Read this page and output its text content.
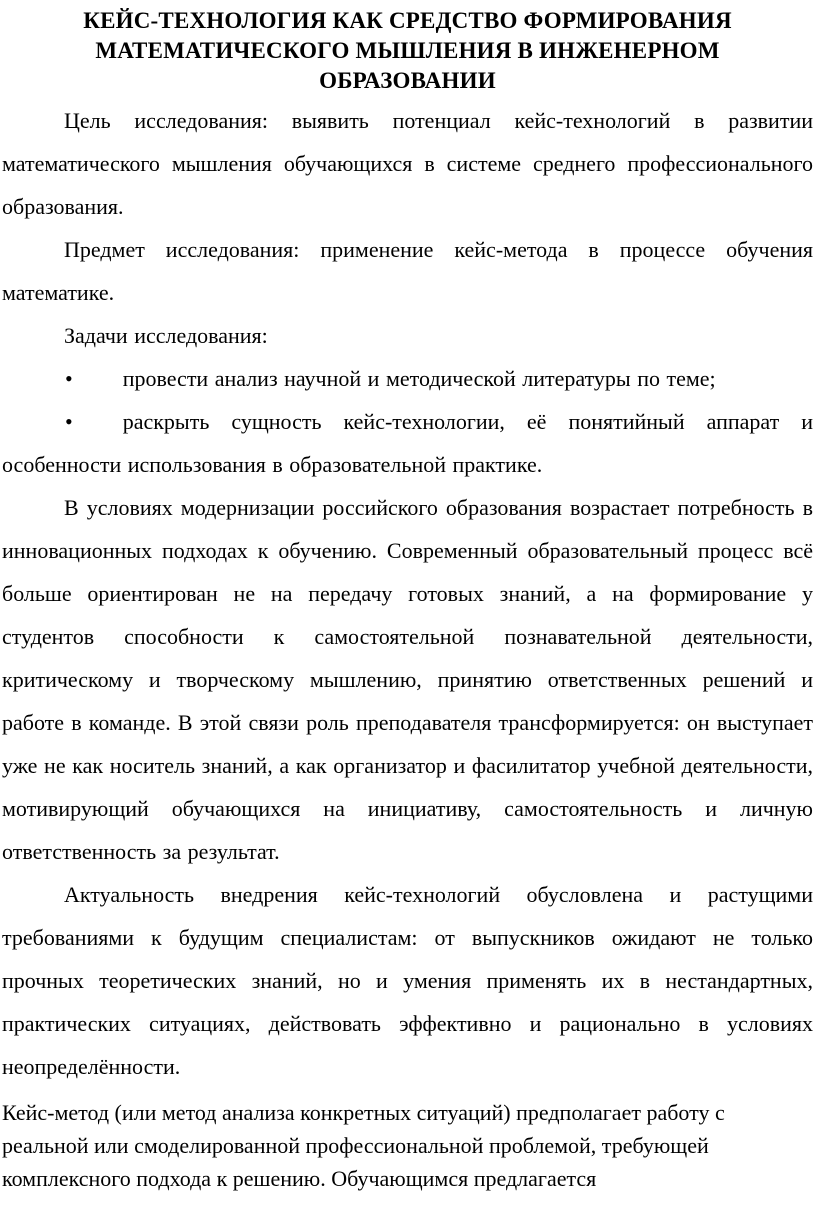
КЕЙС-ТЕХНОЛОГИЯ КАК СРЕДСТВО ФОРМИРОВАНИЯ
МАТЕМАТИЧЕСКОГО МЫШЛЕНИЯ В ИНЖЕНЕРНОМ
ОБРАЗОВАНИИ

Цель исследования: выявить потенциал кейс-технологий в развитии математического мышления обучающихся в системе среднего профессионального образования.

Предмет исследования: применение кейс-метода в процессе обучения математике.

Задачи исследования:

• провести анализ научной и методической литературы по теме;

• раскрыть сущность кейс-технологии, её понятийный аппарат и особенности использования в образовательной практике.

В условиях модернизации российского образования возрастает потребность в инновационных подходах к обучению. Современный образовательный процесс всё больше ориентирован не на передачу готовых знаний, а на формирование у студентов способности к самостоятельной познавательной деятельности, критическому и творческому мышлению, принятию ответственных решений и работе в команде. В этой связи роль преподавателя трансформируется: он выступает уже не как носитель знаний, а как организатор и фасилитатор учебной деятельности, мотивирующий обучающихся на инициативу, самостоятельность и личную ответственность за результат.

Актуальность внедрения кейс-технологий обусловлена и растущими требованиями к будущим специалистам: от выпускников ожидают не только прочных теоретических знаний, но и умения применять их в нестандартных, практических ситуациях, действовать эффективно и рационально в условиях неопределённости.

Кейс-метод (или метод анализа конкретных ситуаций) предполагает работу с реальной или смоделированной профессиональной проблемой, требующей комплексного подхода к решению. Обучающимся предлагается
